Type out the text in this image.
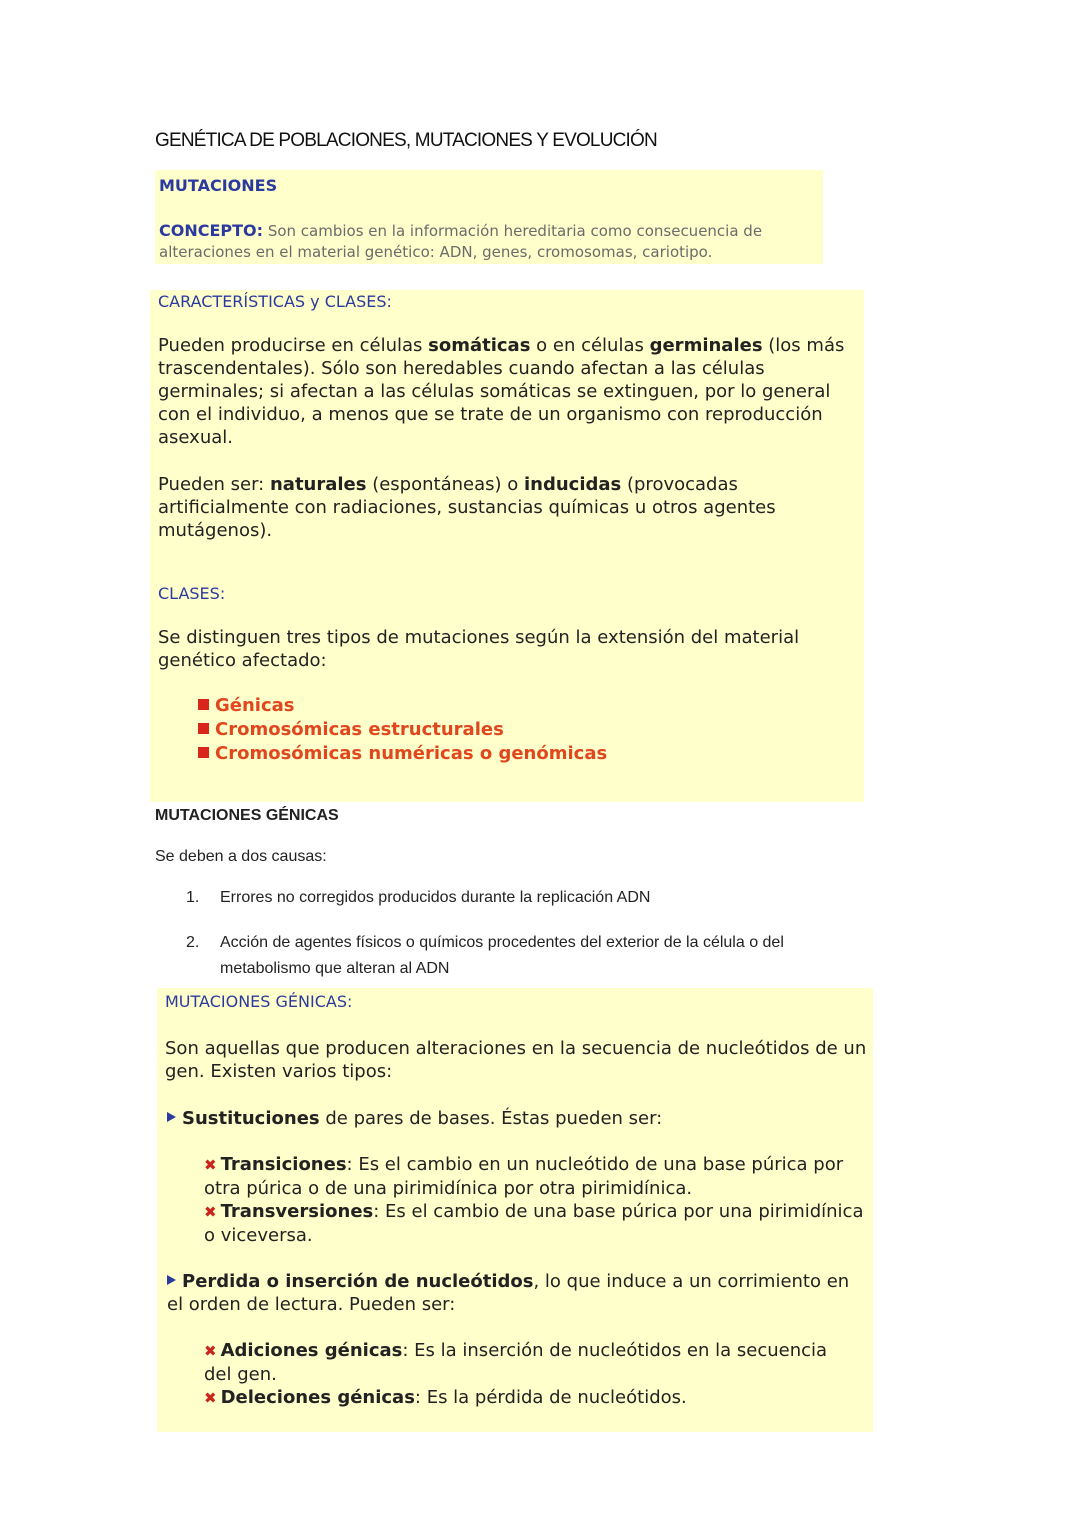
GENÉTICA DE POBLACIONES, MUTACIONES Y EVOLUCIÓN
MUTACIONES
CONCEPTO: Son cambios en la información hereditaria como consecuencia de
alteraciones en el material genético: ADN, genes, cromosomas, cariotipo.
CARACTERÍSTICAS y CLASES:

Pueden producirse en células somáticas o en células germinales (los más trascendentales). Sólo son heredables cuando afectan a las células germinales; si afectan a las células somáticas se extinguen, por lo general con el individuo, a menos que se trate de un organismo con reproducción asexual.

Pueden ser: naturales (espontáneas) o inducidas (provocadas artificialmente con radiaciones, sustancias químicas u otros agentes mutágenos).

CLASES:

Se distinguen tres tipos de mutaciones según la extensión del material genético afectado:

Génicas
Cromosómicas estructurales
Cromosómicas numéricas o genómicas
MUTACIONES GÉNICAS
Se deben a dos causas:
1. Errores no corregidos producidos durante la replicación ADN
2. Acción de agentes físicos o químicos procedentes del exterior de la célula o del metabolismo que alteran al ADN
MUTACIONES GÉNICAS:

Son aquellas que producen alteraciones en la secuencia de nucleótidos de un gen. Existen varios tipos:

Sustituciones de pares de bases. Éstas pueden ser:

✖ Transiciones: Es el cambio en un nucleótido de una base púrica por otra púrica o de una pirimidínica por otra pirimidínica.

✖ Transversiones: Es el cambio de una base púrica por una pirimidínica o viceversa.

Perdida o inserción de nucleótidos, lo que induce a un corrimiento en el orden de lectura. Pueden ser:

✖ Adiciones génicas: Es la inserción de nucleótidos en la secuencia del gen.

✖ Deleciones génicas: Es la pérdida de nucleótidos.
